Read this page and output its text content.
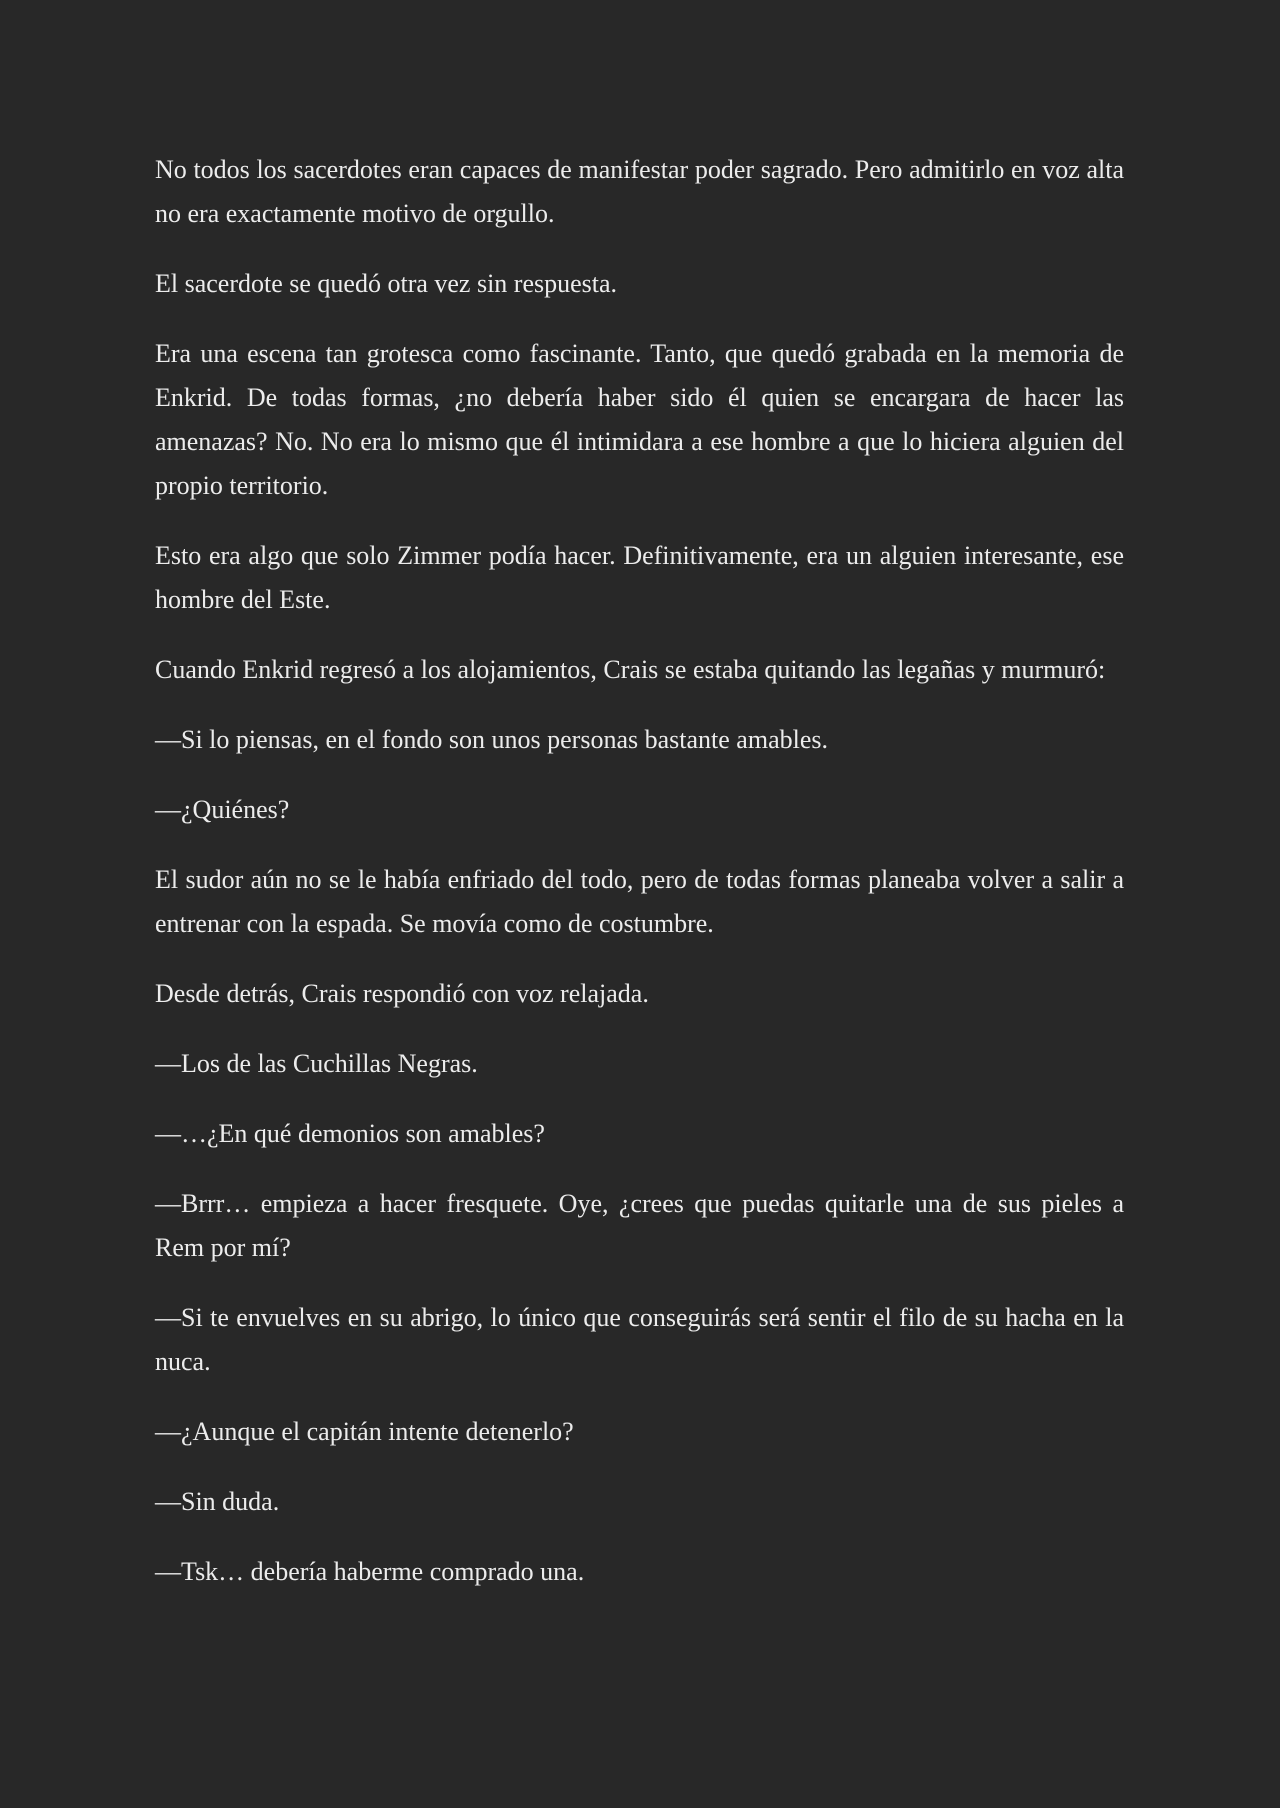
No todos los sacerdotes eran capaces de manifestar poder sagrado. Pero admitirlo en voz alta no era exactamente motivo de orgullo.

El sacerdote se quedó otra vez sin respuesta.

Era una escena tan grotesca como fascinante. Tanto, que quedó grabada en la memoria de Enkrid. De todas formas, ¿no debería haber sido él quien se encargara de hacer las amenazas? No. No era lo mismo que él intimidara a ese hombre a que lo hiciera alguien del propio territorio.

Esto era algo que solo Zimmer podía hacer. Definitivamente, era un alguien interesante, ese hombre del Este.

Cuando Enkrid regresó a los alojamientos, Crais se estaba quitando las legañas y murmuró:

—Si lo piensas, en el fondo son unos personas bastante amables.

—¿Quiénes?

El sudor aún no se le había enfriado del todo, pero de todas formas planeaba volver a salir a entrenar con la espada. Se movía como de costumbre.

Desde detrás, Crais respondió con voz relajada.

—Los de las Cuchillas Negras.

—…¿En qué demonios son amables?

—Brrr… empieza a hacer fresquete. Oye, ¿crees que puedas quitarle una de sus pieles a Rem por mí?

—Si te envuelves en su abrigo, lo único que conseguirás será sentir el filo de su hacha en la nuca.

—¿Aunque el capitán intente detenerlo?

—Sin duda.

—Tsk… debería haberme comprado una.
